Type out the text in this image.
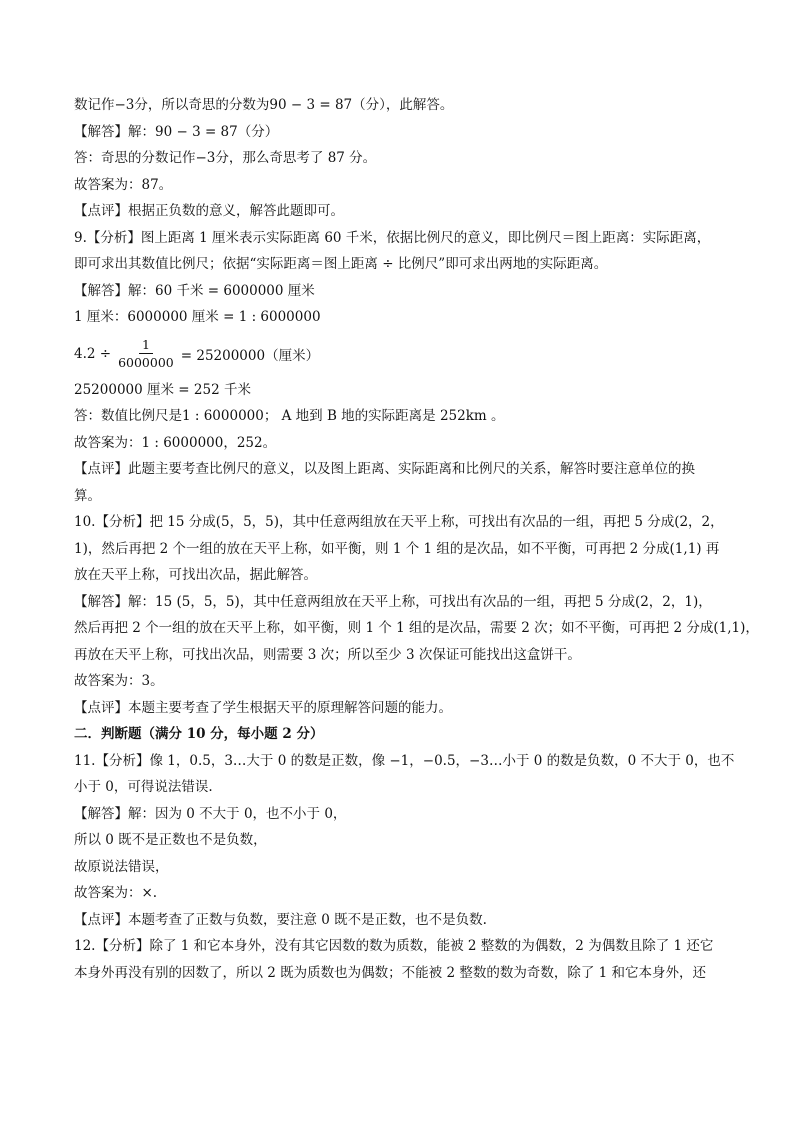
数记作−3分，所以奇思的分数为90 − 3 = 87（分），此解答。
【解答】解：90 − 3 = 87（分）
答：奇思的分数记作−3分，那么奇思考了 87 分。
故答案为：87。
【点评】根据正负数的意义，解答此题即可。
9.【分析】图上距离 1 厘米表示实际距离 60 千米，依据比例尺的意义，即比例尺＝图上距离：实际距离，
即可求出其数值比例尺；依据“实际距离＝图上距离 ÷ 比例尺”即可求出两地的实际距离。
【解答】解：60 千米 = 6000000 厘米
1 厘米：6000000 厘米 = 1 : 6000000
$4.2 \div \frac{1}{6000000} = 25200000$（厘米）
25200000 厘米 = 252 千米
答：数值比例尺是1 : 6000000； A 地到 B 地的实际距离是 252km 。
故答案为：1 : 6000000，252。
【点评】此题主要考查比例尺的意义，以及图上距离、实际距离和比例尺的关系，解答时要注意单位的换
算。
10.【分析】把 15 分成(5，5，5)，其中任意两组放在天平上称，可找出有次品的一组，再把 5 分成(2，2，
1)，然后再把 2 个一组的放在天平上称，如平衡，则 1 个 1 组的是次品，如不平衡，可再把 2 分成(1,1) 再
放在天平上称，可找出次品，据此解答。
【解答】解：15 (5，5，5)，其中任意两组放在天平上称，可找出有次品的一组，再把 5 分成(2，2，1)，
然后再把 2 个一组的放在天平上称，如平衡，则 1 个 1 组的是次品，需要 2 次；如不平衡，可再把 2 分成(1,1)，
再放在天平上称，可找出次品，则需要 3 次；所以至少 3 次保证可能找出这盒饼干。
故答案为：3。
【点评】本题主要考查了学生根据天平的原理解答问题的能力。
二．判断题（满分 10 分，每小题 2 分）
11.【分析】像 1，0.5，3…大于 0 的数是正数，像 −1，−0.5，−3…小于 0 的数是负数，0 不大于 0，也不
小于 0，可得说法错误.
【解答】解：因为 0 不大于 0，也不小于 0，
所以 0 既不是正数也不是负数，
故原说法错误，
故答案为：×.
【点评】本题考查了正数与负数，要注意 0 既不是正数，也不是负数.
12.【分析】除了 1 和它本身外，没有其它因数的数为质数，能被 2 整数的为偶数，2 为偶数且除了 1 还它
本身外再没有别的因数了，所以 2 既为质数也为偶数；不能被 2 整数的数为奇数，除了 1 和它本身外，还
